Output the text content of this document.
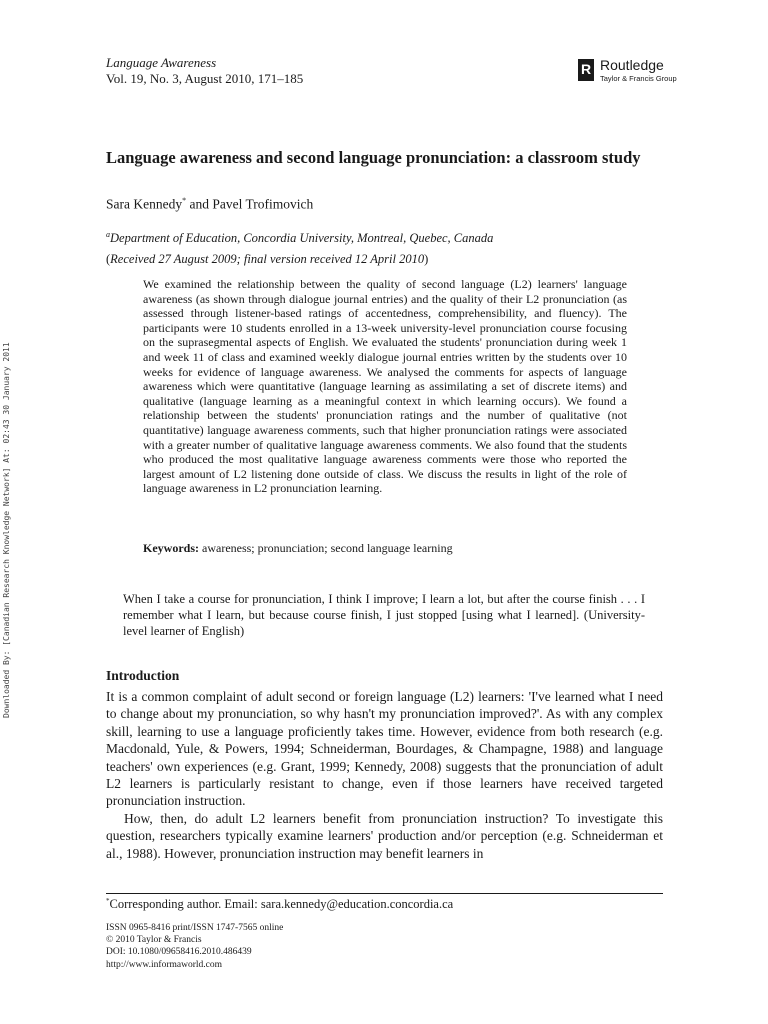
Language Awareness
Vol. 19, No. 3, August 2010, 171–185
R
Routledge
Taylor & Francis Group
Language awareness and second language pronunciation: a classroom study
Sara Kennedy* and Pavel Trofimovich
$^a$Department of Education, Concordia University, Montreal, Quebec, Canada
(Received 27 August 2009; final version received 12 April 2010)
We examined the relationship between the quality of second language (L2) learners' language awareness (as shown through dialogue journal entries) and the quality of their L2 pronunciation (as assessed through listener-based ratings of accentedness, comprehensibility, and fluency). The participants were 10 students enrolled in a 13-week university-level pronunciation course focusing on the suprasegmental aspects of English. We evaluated the students' pronunciation during week 1 and week 11 of class and examined weekly dialogue journal entries written by the students over 10 weeks for evidence of language awareness. We analysed the comments for aspects of language awareness which were quantitative (language learning as assimilating a set of discrete items) and qualitative (language learning as a meaningful context in which learning occurs). We found a relationship between the students' pronunciation ratings and the number of qualitative (not quantitative) language awareness comments, such that higher pronunciation ratings were associated with a greater number of qualitative language awareness comments. We also found that the students who produced the most qualitative language awareness comments were those who reported the largest amount of L2 listening done outside of class. We discuss the results in light of the role of language awareness in L2 pronunciation learning.
Keywords: awareness; pronunciation; second language learning
When I take a course for pronunciation, I think I improve; I learn a lot, but after the course finish . . . I remember what I learn, but because course finish, I just stopped [using what I learned]. (University-level learner of English)
Introduction

It is a common complaint of adult second or foreign language (L2) learners: 'I've learned what I need to change about my pronunciation, so why hasn't my pronunciation improved?'. As with any complex skill, learning to use a language proficiently takes time. However, evidence from both research (e.g. Macdonald, Yule, & Powers, 1994; Schneiderman, Bourdages, & Champagne, 1988) and language teachers' own experiences (e.g. Grant, 1999; Kennedy, 2008) suggests that the pronunciation of adult L2 learners is particularly resistant to change, even if those learners have received targeted pronunciation instruction.

How, then, do adult L2 learners benefit from pronunciation instruction? To investigate this question, researchers typically examine learners' production and/or perception (e.g. Schneiderman et al., 1988). However, pronunciation instruction may benefit learners in

*Corresponding author. Email: sara.kennedy@education.concordia.ca
ISSN 0965-8416 print/ISSN 1747-7565 online
© 2010 Taylor & Francis
DOI: 10.1080/09658416.2010.486439
http://www.informaworld.com
Downloaded By: [Canadian Research Knowledge Network] At: 02:43 30 January 2011
